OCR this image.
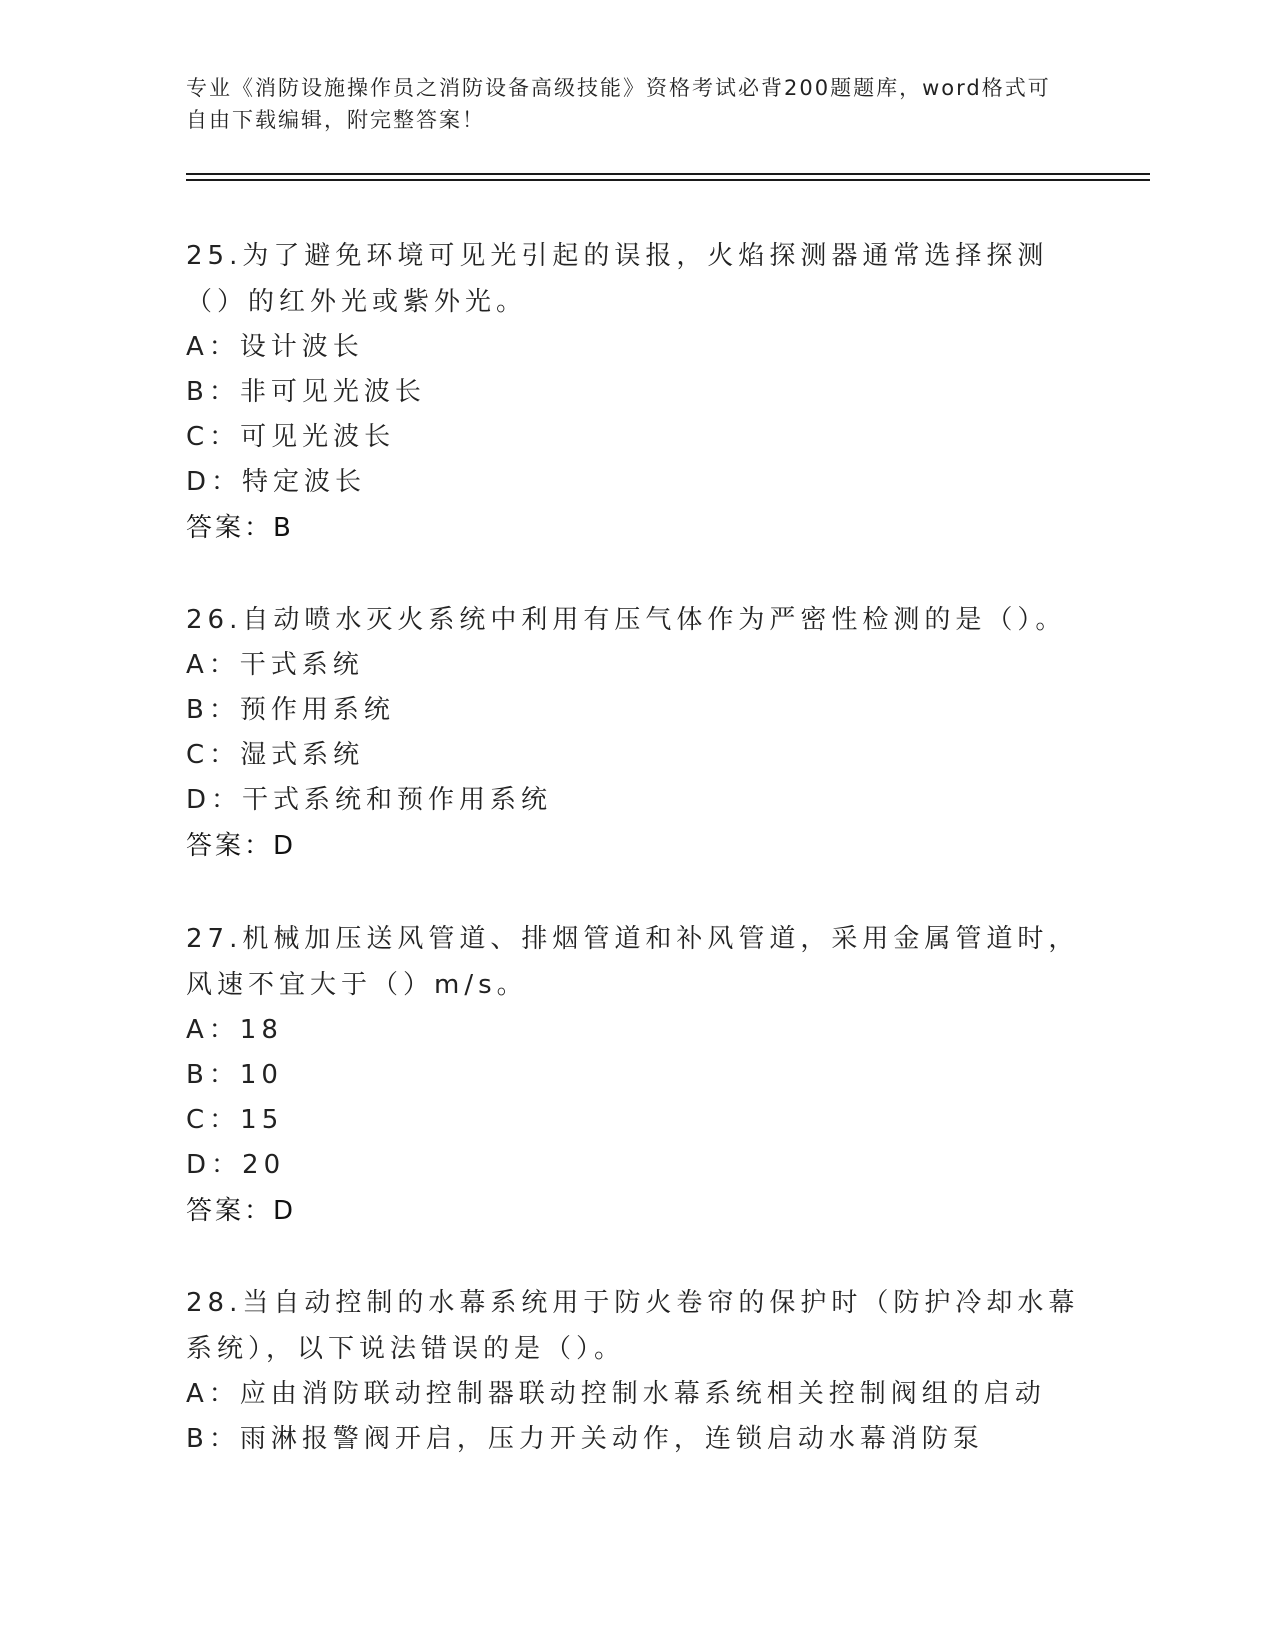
专业《消防设施操作员之消防设备高级技能》资格考试必背200题题库，word格式可自由下载编辑，附完整答案！
25.为了避免环境可见光引起的误报，火焰探测器通常选择探测（）的红外光或紫外光。
A：设计波长
B：非可见光波长
C：可见光波长
D：特定波长
答案：B
26.自动喷水灭火系统中利用有压气体作为严密性检测的是（）。
A：干式系统
B：预作用系统
C：湿式系统
D：干式系统和预作用系统
答案：D
27.机械加压送风管道、排烟管道和补风管道，采用金属管道时，风速不宜大于（）m/s。
A：18
B：10
C：15
D：20
答案：D
28.当自动控制的水幕系统用于防火卷帘的保护时（防护冷却水幕系统），以下说法错误的是（）。
A：应由消防联动控制器联动控制水幕系统相关控制阀组的启动
B：雨淋报警阀开启，压力开关动作，连锁启动水幕消防泵
